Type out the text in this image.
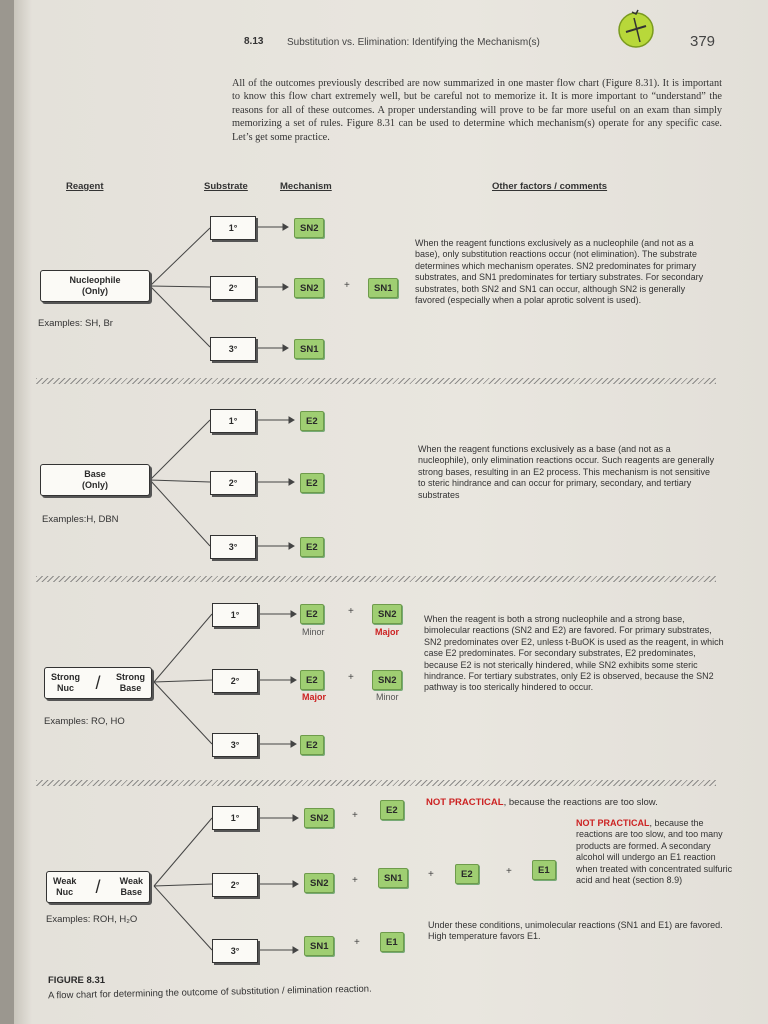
8.13 Substitution vs. Elimination: Identifying the Mechanism(s)	379
All of the outcomes previously described are now summarized in one master flow chart (Figure 8.31). It is important to know this flow chart extremely well, but be careful not to memorize it. It is more important to “understand” the reasons for all of these outcomes. A proper understanding will prove to be far more useful on an exam than simply memorizing a set of rules. Figure 8.31 can be used to determine which mechanism(s) operate for any specific case. Let’s get some practice.
Reagent	Substrate	Mechanism	Other factors / comments
Nucleophile
(Only)
Examples: SH, Br
1°
2°
3°
SN2
SN2	+	SN1
SN1
When the reagent functions exclusively as a nucleophile (and not as a base), only substitution reactions occur (not elimination). The substrate determines which mechanism operates. SN2 predominates for primary substrates, and SN1 predominates for tertiary substrates. For secondary substrates, both SN2 and SN1 can occur, although SN2 is generally favored (especially when a polar aprotic solvent is used).
Base
(Only)
Examples:H, DBN
1°
2°
3°
E2
E2
E2
When the reagent functions exclusively as a base (and not as a nucleophile), only elimination reactions occur. Such reagents are generally strong bases, resulting in an E2 process. This mechanism is not sensitive to steric hindrance and can occur for primary, secondary, and tertiary substrates
Strong
Nuc	/ Strong
Base
Examples: RO, HO
1°
2°
3°
E2	+	SN2
Minor	Major
E2	+	SN2
Major	Minor
E2
When the reagent is both a strong nucleophile and a strong base, bimolecular reactions (SN2 and E2) are favored. For primary substrates, SN2 predominates over E2, unless t-BuOK is used as the reagent, in which case E2 predominates. For secondary substrates, E2 predominates, because E2 is not sterically hindered, while SN2 exhibits some steric hindrance. For tertiary substrates, only E2 is observed, because the SN2 pathway is too sterically hindered to occur.
Weak
Nuc / Weak
Base
Examples: ROH, H₂O
1°
2°
3°
SN2	+	E2
SN2	+	SN1	+	E2	+	E1
SN1	+	E1
NOT PRACTICAL, because the reactions are too slow.
NOT PRACTICAL, because the reactions are too slow, and too many products are formed. A secondary alcohol will undergo an E1 reaction when treated with concentrated sulfuric acid and heat (section 8.9)
Under these conditions, unimolecular reactions (SN1 and E1) are favored. High temperature favors E1.
FIGURE 8.31
A flow chart for determining the outcome of substitution / elimination reaction.
